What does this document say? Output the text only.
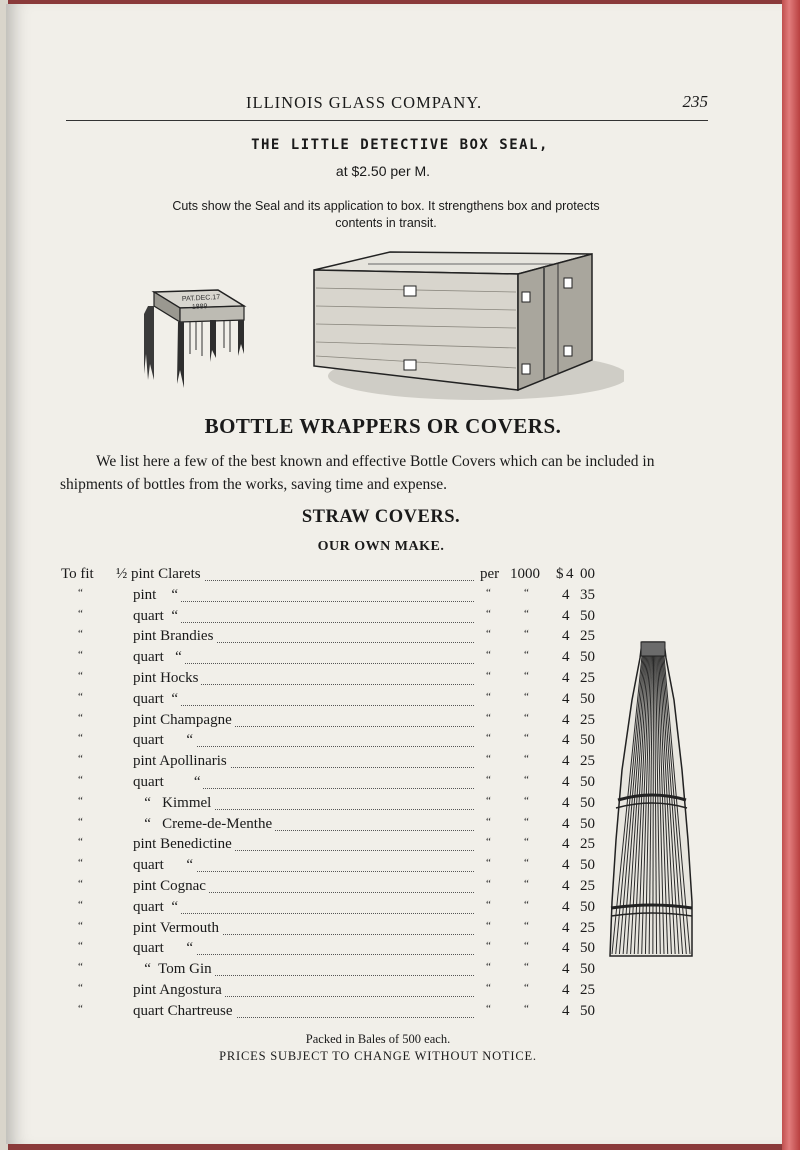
ILLINOIS GLASS COMPANY.	235
THE LITTLE DETECTIVE BOX SEAL,
at $2.50 per M.
Cuts show the Seal and its application to box. It strengthens box and protects
contents in transit.
PAT.DEC.17
1889
BOTTLE WRAPPERS OR COVERS.
We list here a few of the best known and effective Bottle Covers which can be included in shipments of bottles from the works, saving time and expense.
STRAW COVERS.
OUR OWN MAKE.
To fit ½ pint Clarets	per 1000 $ 4 00
“	pint    “	“	“ 4 35
“	quart  “	“	“ 4 50
“	pint Brandies	“	“ 4 25
“	quart   “	“	“ 4 50
“	pint Hocks	“	“ 4 25
“	quart  “	“	“ 4 50
“	pint Champagne	“	“ 4 25
“	quart      “	“	“ 4 50
“	pint Apollinaris	“	“ 4 25
“	quart        “	“	“ 4 50
“	“   Kimmel	“	“ 4 50
“	“   Creme-de-Menthe	“	“ 4 50
“	pint Benedictine	“	“ 4 25
“	quart      “	“	“ 4 50
“	pint Cognac	“	“ 4 25
“	quart  “	“	“ 4 50
“	pint Vermouth	“	“ 4 25
“	quart      “	“	“ 4 50
“	“  Tom Gin	“	“ 4 50
“	pint Angostura	“	“ 4 25
“	quart Chartreuse	“	“ 4 50
Packed in Bales of 500 each.
PRICES SUBJECT TO CHANGE WITHOUT NOTICE.
